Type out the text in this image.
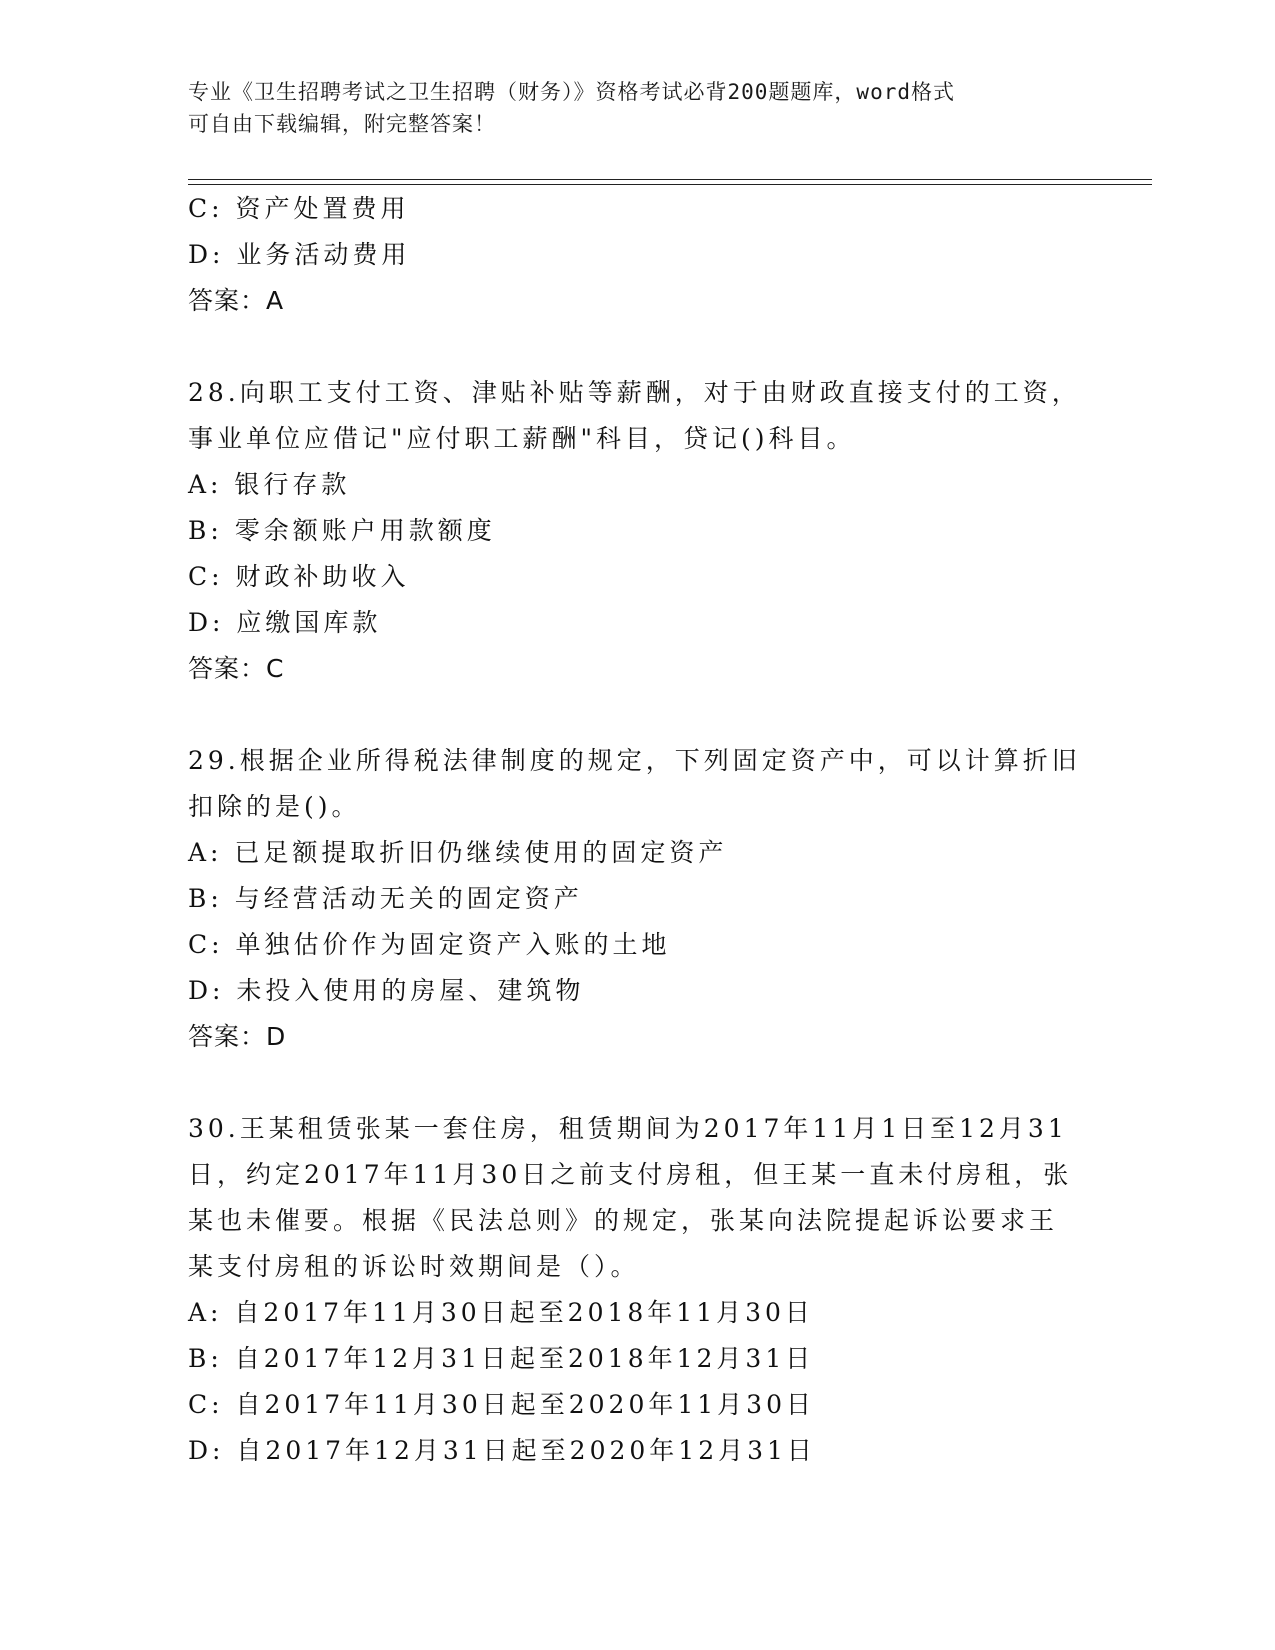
专业《卫生招聘考试之卫生招聘（财务）》资格考试必背200题题库，word格式
可自由下载编辑，附完整答案！
C: 资产处置费用
D: 业务活动费用
答案：A
28.向职工支付工资、津贴补贴等薪酬，对于由财政直接支付的工资，
事业单位应借记"应付职工薪酬"科目，贷记()科目。
A: 银行存款
B: 零余额账户用款额度
C: 财政补助收入
D: 应缴国库款
答案：C
29.根据企业所得税法律制度的规定，下列固定资产中，可以计算折旧
扣除的是()。
A: 已足额提取折旧仍继续使用的固定资产
B: 与经营活动无关的固定资产
C: 单独估价作为固定资产入账的土地
D: 未投入使用的房屋、建筑物
答案：D
30.王某租赁张某一套住房，租赁期间为2017年11月1日至12月31
日，约定2017年11月30日之前支付房租，但王某一直未付房租，张
某也未催要。根据《民法总则》的规定，张某向法院提起诉讼要求王
某支付房租的诉讼时效期间是（）。
A: 自2017年11月30日起至2018年11月30日
B: 自2017年12月31日起至2018年12月31日
C: 自2017年11月30日起至2020年11月30日
D: 自2017年12月31日起至2020年12月31日
